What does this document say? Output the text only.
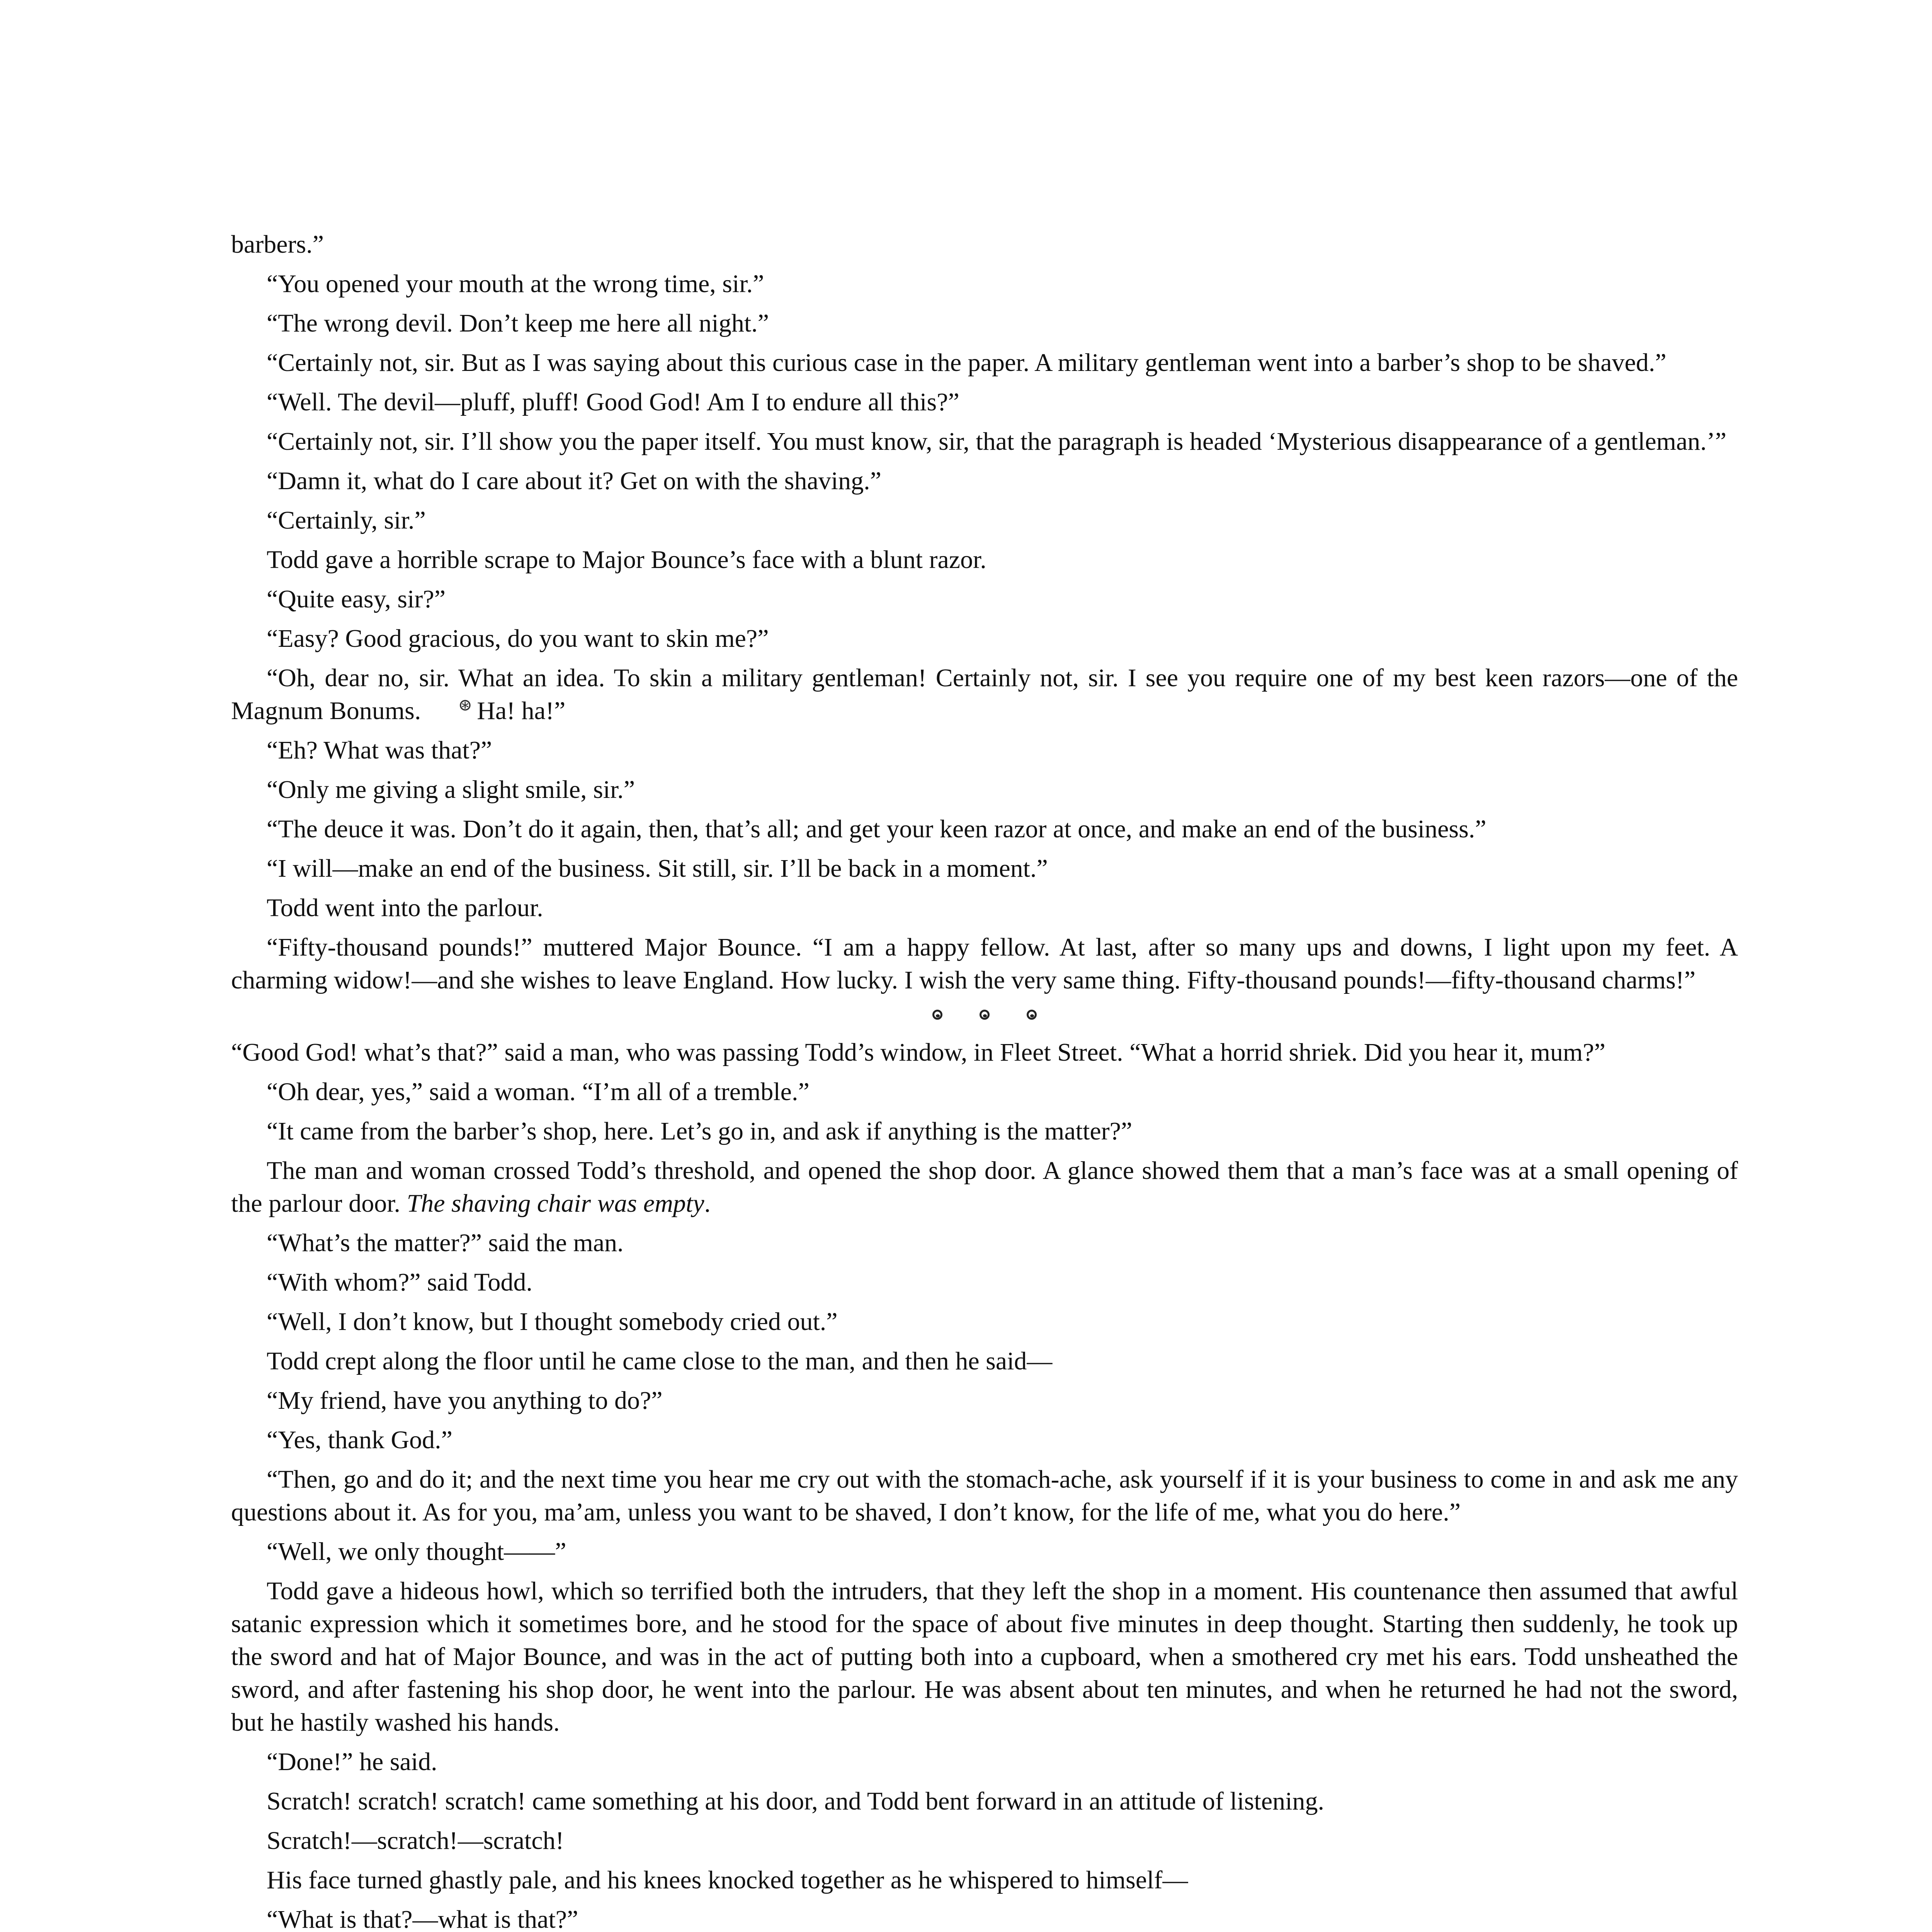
barbers.”

“You opened your mouth at the wrong time, sir.”

“The wrong devil. Don’t keep me here all night.”

“Certainly not, sir. But as I was saying about this curious case in the paper. A military gentleman went into a barber’s shop to be shaved.”

“Well. The devil—pluff, pluff! Good God! Am I to endure all this?”

“Certainly not, sir. I’ll show you the paper itself. You must know, sir, that the paragraph is headed ‘Mysterious disappearance of a gentleman.’”

“Damn it, what do I care about it? Get on with the shaving.”

“Certainly, sir.”

Todd gave a horrible scrape to Major Bounce’s face with a blunt razor.

“Quite easy, sir?”

“Easy? Good gracious, do you want to skin me?”

“Oh, dear no, sir. What an idea. To skin a military gentleman! Certainly not, sir. I see you require one of my best keen razors—one of the Magnum Bonums. ⊛ Ha! ha!”

“Eh? What was that?”

“Only me giving a slight smile, sir.”

“The deuce it was. Don’t do it again, then, that’s all; and get your keen razor at once, and make an end of the business.”

“I will—make an end of the business. Sit still, sir. I’ll be back in a moment.”

Todd went into the parlour.

“Fifty-thousand pounds!” muttered Major Bounce. “I am a happy fellow. At last, after so many ups and downs, I light upon my feet. A charming widow!—and she wishes to leave England. How lucky. I wish the very same thing. Fifty-thousand pounds!—fifty-thousand charms!”

“Good God! what’s that?” said a man, who was passing Todd’s window, in Fleet Street. “What a horrid shriek. Did you hear it, mum?”

“Oh dear, yes,” said a woman. “I’m all of a tremble.”

“It came from the barber’s shop, here. Let’s go in, and ask if anything is the matter?”

The man and woman crossed Todd’s threshold, and opened the shop door. A glance showed them that a man’s face was at a small opening of the parlour door. The shaving chair was empty.

“What’s the matter?” said the man.

“With whom?” said Todd.

“Well, I don’t know, but I thought somebody cried out.”

Todd crept along the floor until he came close to the man, and then he said—

“My friend, have you anything to do?”

“Yes, thank God.”

“Then, go and do it; and the next time you hear me cry out with the stomach-ache, ask yourself if it is your business to come in and ask me any questions about it. As for you, ma’am, unless you want to be shaved, I don’t know, for the life of me, what you do here.”

“Well, we only thought——”

Todd gave a hideous howl, which so terrified both the intruders, that they left the shop in a moment. His countenance then assumed that awful satanic expression which it sometimes bore, and he stood for the space of about five minutes in deep thought. Starting then suddenly, he took up the sword and hat of Major Bounce, and was in the act of putting both into a cupboard, when a smothered cry met his ears. Todd unsheathed the sword, and after fastening his shop door, he went into the parlour. He was absent about ten minutes, and when he returned he had not the sword, but he hastily washed his hands.

“Done!” he said.

Scratch! scratch! scratch! came something at his door, and Todd bent forward in an attitude of listening.

Scratch!—scratch!—scratch!

His face turned ghastly pale, and his knees knocked together as he whispered to himself—

“What is that?—what is that?”
